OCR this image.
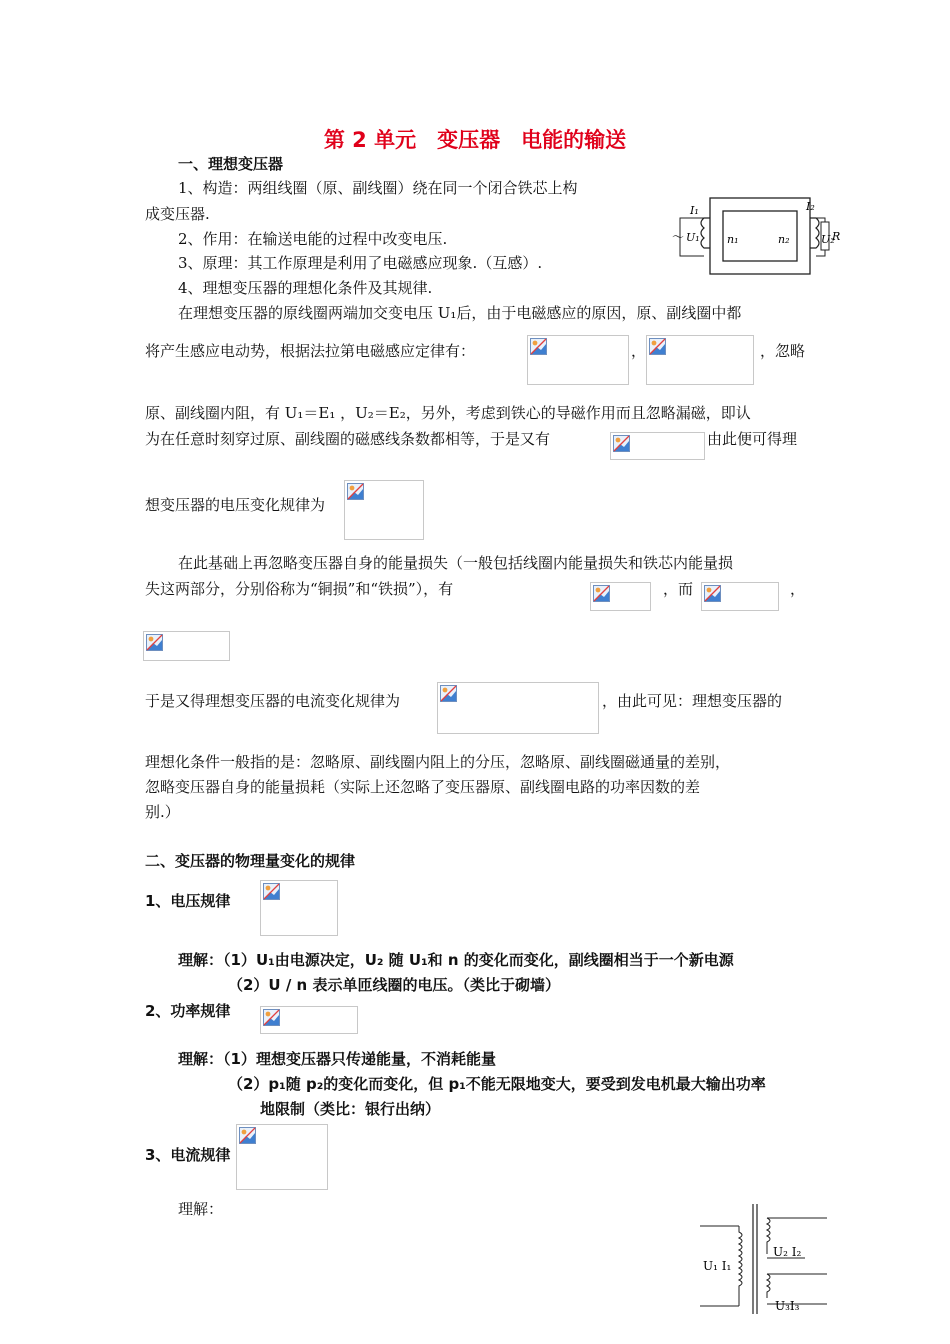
第 2 单元　变压器　电能的输送
一、理想变压器
1、构造：两组线圈（原、副线圈）绕在同一个闭合铁芯上构
成变压器.
2、作用：在输送电能的过程中改变电压.
3、原理：其工作原理是利用了电磁感应现象.（互感）.
4、理想变压器的理想化条件及其规律.
～
I₁	I₂
U₁	U₂
n₁	n₂	R
在理想变压器的原线圈两端加交变电压 U₁后，由于电磁感应的原因，原、副线圈中都
将产生感应电动势，根据法拉第电磁感应定律有：	，	，忽略
原、副线圈内阻，有 U₁＝E₁ ，U₂＝E₂，另外，考虑到铁心的导磁作用而且忽略漏磁，即认
为在任意时刻穿过原、副线圈的磁感线条数都相等，于是又有	由此便可得理
想变压器的电压变化规律为
在此基础上再忽略变压器自身的能量损失（一般包括线圈内能量损失和铁芯内能量损
失这两部分，分别俗称为“铜损”和“铁损”），有	，而	，
于是又得理想变压器的电流变化规律为	，由此可见：理想变压器的
理想化条件一般指的是：忽略原、副线圈内阻上的分压，忽略原、副线圈磁通量的差别，
忽略变压器自身的能量损耗（实际上还忽略了变压器原、副线圈电路的功率因数的差
别.）
二、变压器的物理量变化的规律
1、电压规律
理解：（1）U₁由电源决定，U₂ 随 U₁和 n 的变化而变化，副线圈相当于一个新电源
（2）U / n 表示单匝线圈的电压。（类比于砌墙）
2、功率规律
理解：（1）理想变压器只传递能量，不消耗能量
（2）p₁随 p₂的变化而变化，但 p₁不能无限地变大，要受到发电机最大输出功率
地限制（类比：银行出纳）
3、电流规律
理解：
U₁ I₁
U₂ I₂
U₃I₃
